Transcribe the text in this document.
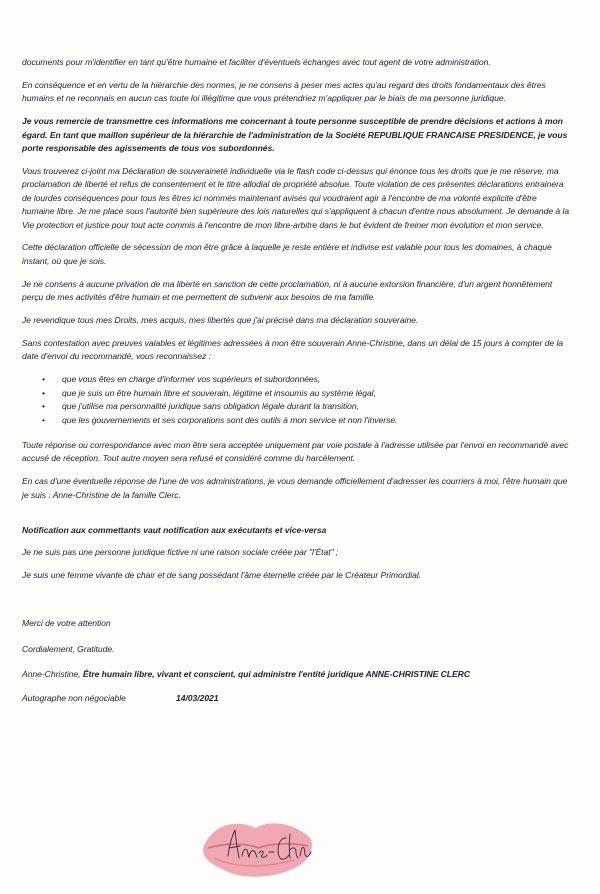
documents pour m'identifier en tant qu'être humaine et faciliter d'éventuels échanges avec tout agent de votre administration.

En conséquence et en vertu de la hiérarchie des normes, je ne consens à peser mes actes qu'au regard des droits fondamentaux des êtres humains et ne reconnais en aucun cas toute loi illégitime que vous prétendriez m'appliquer par le biais de ma personne juridique.

Je vous remercie de transmettre ces informations me concernant à toute personne susceptible de prendre décisions et actions à mon égard. En tant que maillon supérieur de la hiérarchie de l'administration de la Société REPUBLIQUE FRANCAISE PRESIDENCE, je vous porte responsable des agissements de tous vos subordonnés.

Vous trouverez ci-joint ma Déclaration de souveraineté individuelle via le flash code ci-dessus qui énonce tous les droits que je me réserve, ma proclamation de liberté et refus de consentement et le titre allodial de propriété absolue. Toute violation de ces présentes déclarations entrainera de lourdes conséquences pour tous les êtres ici nommés maintenant avisés qui voudraient agir à l'encontre de ma volonté explicite d'être humaine libre. Je me place sous l'autorité bien supérieure des lois naturelles qui s'appliquent à chacun d'entre nous absolument. Je demande à la Vie protection et justice pour tout acte commis à l'encontre de mon libre-arbitre dans le but évident de freiner mon évolution et mon service.

Cette déclaration officielle de sécession de mon être grâce à laquelle je reste entière et indivise est valable pour tous les domaines, à chaque instant, où que je sois.

Je ne consens à aucune privation de ma liberté en sanction de cette proclamation, ni à aucune extorsion financière, d'un argent honnêtement perçu de mes activités d'être humain et me permettent de subvenir aux besoins de ma famille.

Je revendique tous mes Droits, mes acquis, mes libertés que j'ai précisé dans ma déclaration souveraine.

Sans contestation avec preuves valables et légitimes adressées à mon être souverain Anne-Christine, dans un délai de 15 jours à compter de la date d'envoi du recommandé, vous reconnaissez :

• que vous êtes en charge d'informer vos supérieurs et subordonnées,
• que je suis un être humain libre et souverain, légitime et insoumis au système légal,
• que j'utilise ma personnalité juridique sans obligation légale durant la transition,
• que les gouvernements et ses corporations sont des outils à mon service et non l'inverse.

Toute réponse ou correspondance avec mon être sera acceptée uniquement par voie postale à l'adresse utilisée par l'envoi en recommandé avec accusé de réception. Tout autre moyen sera refusé et considéré comme du harcèlement.

En cas d'une éventuelle réponse de l'une de vos administrations, je vous demande officiellement d'adresser les courriers à moi, l'être humain que je suis : Anne-Christine de la famille Clerc.

Notification aux commettants vaut notification aux exécutants et vice-versa

Je ne suis pas une personne juridique fictive ni une raison sociale créée par "l'État" ;

Je suis une femme vivante de chair et de sang possédant l'âme éternelle créée par le Créateur Primordial.

Merci de votre attention

Cordialement, Gratitude.

Anne-Christine, Être humain libre, vivant et conscient, qui administre l'entité juridique ANNE-CHRISTINE CLERC

Autographe non négociable	14/03/2021
